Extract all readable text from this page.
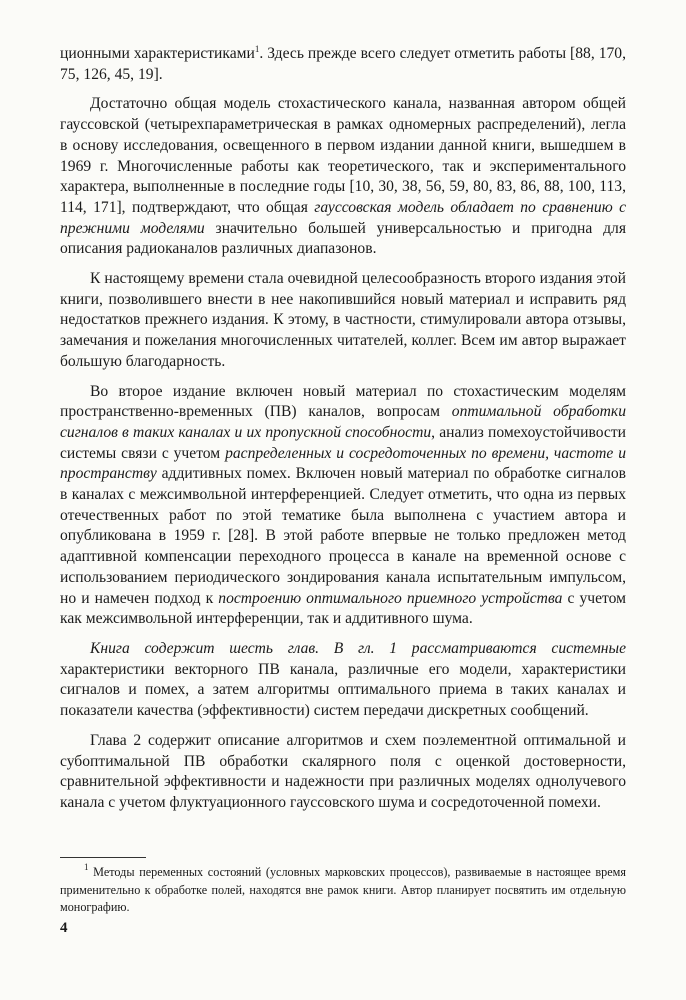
ционными характеристиками$^1$. Здесь прежде всего следует отметить работы [88, 170, 75, 126, 45, 19].

Достаточно общая модель стохастического канала, названная автором общей гауссовской (четырехпараметрическая в рамках одномерных распределений), легла в основу исследования, освещенного в первом издании данной книги, вышедшем в 1969 г. Многочисленные работы как теоретического, так и экспериментального характера, выполненные в последние годы [10, 30, 38, 56, 59, 80, 83, 86, 88, 100, 113, 114, 171], подтверждают, что общая гауссовская модель обладает по сравнению с прежними моделями значительно большей универсальностью и пригодна для описания радиоканалов различных диапазонов.

К настоящему времени стала очевидной целесообразность второго издания этой книги, позволившего внести в нее накопившийся новый материал и исправить ряд недостатков прежнего издания. К этому, в частности, стимулировали автора отзывы, замечания и пожелания многочисленных читателей, коллег. Всем им автор выражает большую благодарность.

Во второе издание включен новый материал по стохастическим моделям пространственно-временных (ПВ) каналов, вопросам оптимальной обработки сигналов в таких каналах и их пропускной способности, анализ помехоустойчивости системы связи с учетом распределенных и сосредоточенных по времени, частоте и пространству аддитивных помех. Включен новый материал по обработке сигналов в каналах с межсимвольной интерференцией. Следует отметить, что одна из первых отечественных работ по этой тематике была выполнена с участием автора и опубликована в 1959 г. [28]. В этой работе впервые не только предложен метод адаптивной компенсации переходного процесса в канале на временной основе с использованием периодического зондирования канала испытательным импульсом, но и намечен подход к построению оптимального приемного устройства с учетом как межсимвольной интерференции, так и аддитивного шума.

Книга содержит шесть глав. В гл. 1 рассматриваются системные характеристики векторного ПВ канала, различные его модели, характеристики сигналов и помех, а затем алгоритмы оптимального приема в таких каналах и показатели качества (эффективности) систем передачи дискретных сообщений.

Глава 2 содержит описание алгоритмов и схем поэлементной оптимальной и субоптимальной ПВ обработки скалярного поля с оценкой достоверности, сравнительной эффективности и надежности при различных моделях однолучевого канала с учетом флуктуационного гауссовского шума и сосредоточенной помехи.

$^1$ Методы переменных состояний (условных марковских процессов), развиваемые в настоящее время применительно к обработке полей, находятся вне рамок книги. Автор планирует посвятить им отдельную монографию.
4
